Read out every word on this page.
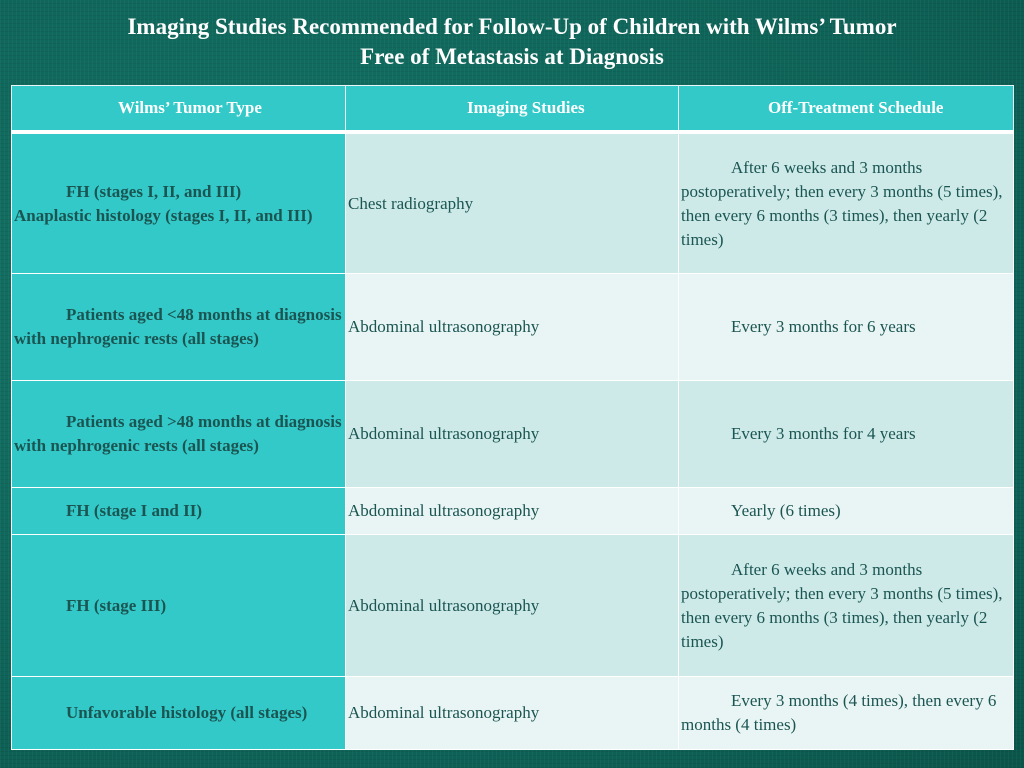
Imaging Studies Recommended for Follow-Up of Children with Wilms’ Tumor
Free of Metastasis at Diagnosis
Wilms’ Tumor Type	Imaging Studies	Off-Treatment Schedule

FH (stages I, II, and III)
Anaplastic histology (stages I, II, and III)	Chest radiography	After 6 weeks and 3 months postoperatively; then every 3 months (5 times), then every 6 months (3 times), then yearly (2 times)
Patients aged <48 months at diagnosis with nephrogenic rests (all stages)	Abdominal ultrasonography	Every 3 months for 6 years
Patients aged >48 months at diagnosis with nephrogenic rests (all stages)	Abdominal ultrasonography	Every 3 months for 4 years
FH (stage I and II)	Abdominal ultrasonography	Yearly (6 times)
FH (stage III)	Abdominal ultrasonography	After 6 weeks and 3 months postoperatively; then every 3 months (5 times), then every 6 months (3 times), then yearly (2 times)
Unfavorable histology (all stages)	Abdominal ultrasonography	Every 3 months (4 times), then every 6 months (4 times)
